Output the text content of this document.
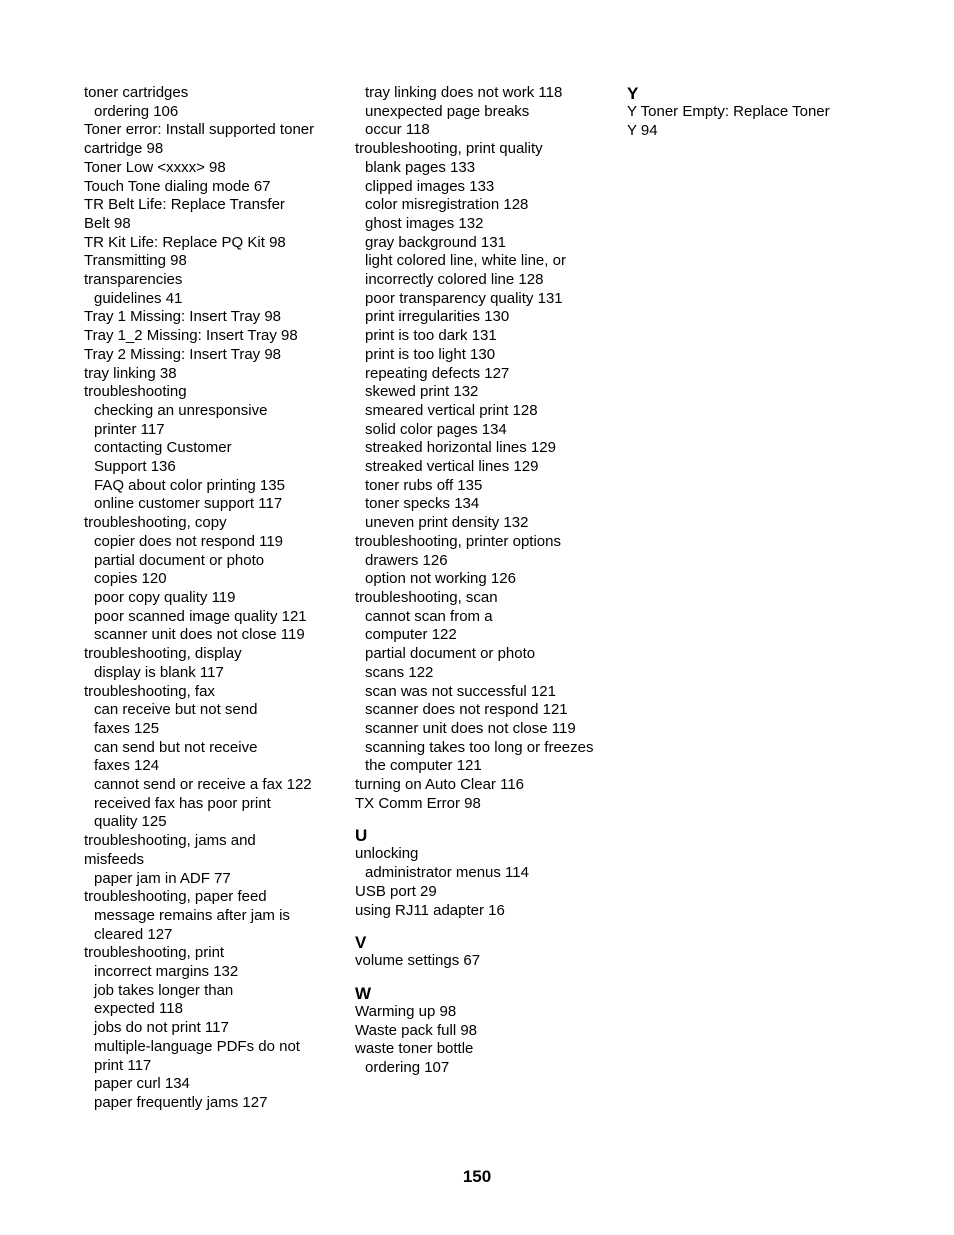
toner cartridges
ordering 106
Toner error: Install supported toner
cartridge 98
Toner Low <xxxx> 98
Touch Tone dialing mode 67
TR Belt Life: Replace Transfer
Belt 98
TR Kit Life: Replace PQ Kit 98
Transmitting 98
transparencies
guidelines 41
Tray 1 Missing: Insert Tray 98
Tray 1_2 Missing: Insert Tray 98
Tray 2 Missing: Insert Tray 98
tray linking 38
troubleshooting
checking an unresponsive
printer 117
contacting Customer
Support 136
FAQ about color printing 135
online customer support 117
troubleshooting, copy
copier does not respond 119
partial document or photo
copies 120
poor copy quality 119
poor scanned image quality 121
scanner unit does not close 119
troubleshooting, display
display is blank 117
troubleshooting, fax
can receive but not send
faxes 125
can send but not receive
faxes 124
cannot send or receive a fax 122
received fax has poor print
quality 125
troubleshooting, jams and
misfeeds
paper jam in ADF 77
troubleshooting, paper feed
message remains after jam is
cleared 127
troubleshooting, print
incorrect margins 132
job takes longer than
expected 118
jobs do not print 117
multiple-language PDFs do not
print 117
paper curl 134
paper frequently jams 127
tray linking does not work 118
unexpected page breaks
occur 118
troubleshooting, print quality
blank pages 133
clipped images 133
color misregistration 128
ghost images 132
gray background 131
light colored line, white line, or
incorrectly colored line 128
poor transparency quality 131
print irregularities 130
print is too dark 131
print is too light 130
repeating defects 127
skewed print 132
smeared vertical print 128
solid color pages 134
streaked horizontal lines 129
streaked vertical lines 129
toner rubs off 135
toner specks 134
uneven print density 132
troubleshooting, printer options
drawers 126
option not working 126
troubleshooting, scan
cannot scan from a
computer 122
partial document or photo
scans 122
scan was not successful 121
scanner does not respond 121
scanner unit does not close 119
scanning takes too long or freezes
the computer 121
turning on Auto Clear 116
TX Comm Error 98
U
unlocking
administrator menus 114
USB port 29
using RJ11 adapter 16
V
volume settings 67
W
Warming up 98
Waste pack full 98
waste toner bottle
ordering 107
Y
Y Toner Empty: Replace Toner
Y 94
150
